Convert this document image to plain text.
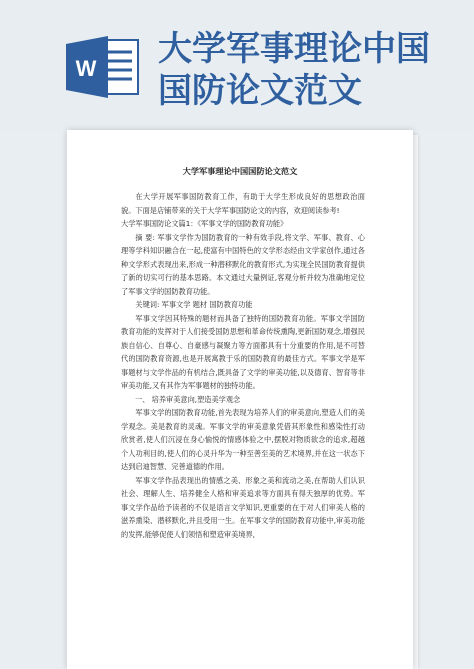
W 大学军事理论中国
国防论文范文
大学军事理论中国国防论文范文

在大学开展军事国防教育工作，有助于大学生形成良好的思想政治面貌。下面是店铺带来的关于大学军事国防论文的内容，欢迎阅读参考!

大学军事国防论文篇1：《军事文学的国防教育功能》

摘 要: 军事文学作为国防教育的一种有效手段,将文学、军事、教育、心理等学科知识融合在一起,使富有中国特色的文学形态经由文学家创作,通过各种文学形式表现出来,形成一种潜移默化的教育形式,为实现全民国防教育提供了新的切实可行的基本思路。本文通过大量例证,客观分析并较为准确地定位了军事文学的国防教育功能。

关键词: 军事文学 题材 国防教育功能

军事文学因其特殊的题材而具备了独特的国防教育功能。军事文学国防教育功能的发挥对于人们接受国防思想和革命传统熏陶,更新国防观念,增强民族自信心、自尊心、自豪感与凝聚力等方面都具有十分重要的作用,是不可替代的国防教育资源,也是开展寓教于乐的国防教育的最佳方式。军事文学是军事题材与文学作品的有机结合,既具备了文学的审美功能,以及德育、智育等非审美功能,又有其作为军事题材的独特功能。

一、 培养审美意向,塑造美学观念

军事文学的国防教育功能,首先表现为培养人们的审美意向,塑造人们的美学观念。美是教育的灵魂。军事文学的审美意象凭借其形象性和感染性打动欣赏者,使人们沉浸在身心愉悦的情感体验之中,摆脱对物质欲念的追求,超越个人功利目的,使人们的心灵升华为一种至善至美的艺术境界,并在这一状态下达到启迪智慧、完善道德的作用。

军事文学作品表现出的情感之美、形象之美和流动之美,在帮助人们认识社会、理解人生、培养健全人格和审美追求等方面具有得天独厚的优势。军事文学作品给予读者的不仅是语言文学知识,更重要的在于对人们审美人格的滋养熏染、潜移默化,并且受用一生。在军事文学的国防教育功能中,审美功能的发挥,能够促使人们领悟和塑造审美境界,
